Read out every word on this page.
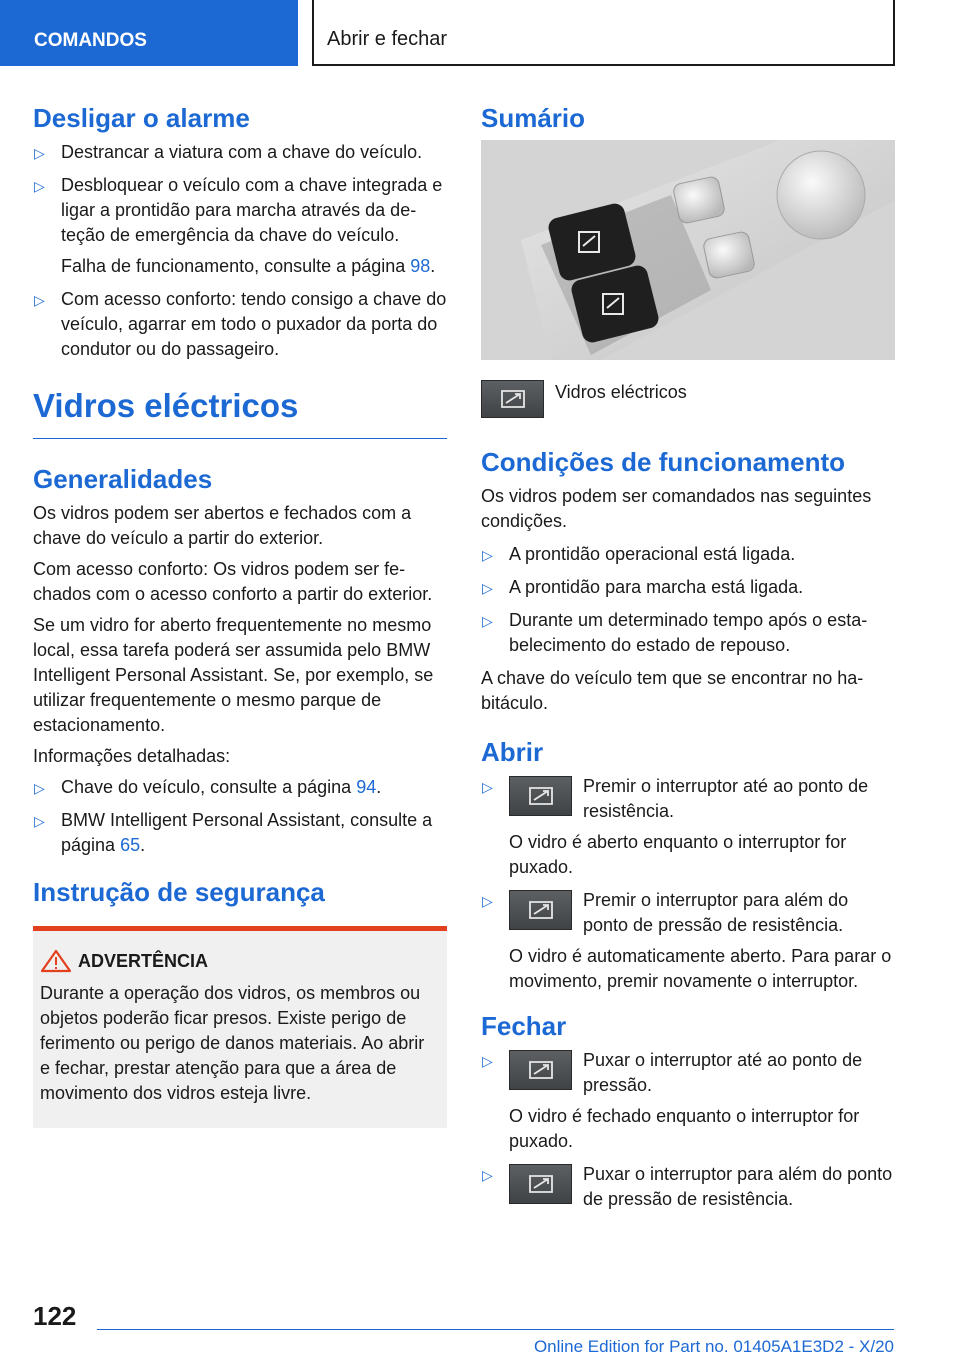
COMANDOS	Abrir e fechar
Desligar o alarme
▷ Destrancar a viatura com a chave do veículo.
▷ Desbloquear o veículo com a chave integrada e ligar a prontidão para marcha através da deteção de emergência da chave do veículo.
Falha de funcionamento, consulte a página 98.
▷ Com acesso conforto: tendo consigo a chave do veículo, agarrar em todo o puxador da porta do condutor ou do passageiro.
Vidros eléctricos
Generalidades

Os vidros podem ser abertos e fechados com a chave do veículo a partir do exterior.

Com acesso conforto: Os vidros podem ser fechados com o acesso conforto a partir do exterior.

Se um vidro for aberto frequentemente no mesmo local, essa tarefa poderá ser assumida pelo BMW Intelligent Personal Assistant. Se, por exemplo, se utilizar frequentemente o mesmo parque de estacionamento.

Informações detalhadas:

▷ Chave do veículo, consulte a página 94.
▷ BMW Intelligent Personal Assistant, consulte a página 65.
Instrução de segurança
ADVERTÊNCIA
Durante a operação dos vidros, os membros ou objetos poderão ficar presos. Existe perigo de ferimento ou perigo de danos materiais. Ao abrir e fechar, prestar atenção para que a área de movimento dos vidros esteja livre.
Sumário
Vidros eléctricos
Condições de funcionamento

Os vidros podem ser comandados nas seguintes condições.

▷ A prontidão operacional está ligada.
▷ A prontidão para marcha está ligada.
▷ Durante um determinado tempo após o estabelecimento do estado de repouso.

A chave do veículo tem que se encontrar no habitáculo.

Abrir
▷	Premir o interruptor até ao ponto de resistência.
O vidro é aberto enquanto o interruptor for puxado.
▷	Premir o interruptor para além do ponto de pressão de resistência.
O vidro é automaticamente aberto. Para parar o movimento, premir novamente o interruptor.
Fechar
▷	Puxar o interruptor até ao ponto de pressão.
O vidro é fechado enquanto o interruptor for puxado.
▷	Puxar o interruptor para além do ponto de pressão de resistência.
122
Online Edition for Part no. 01405A1E3D2 - X/20
